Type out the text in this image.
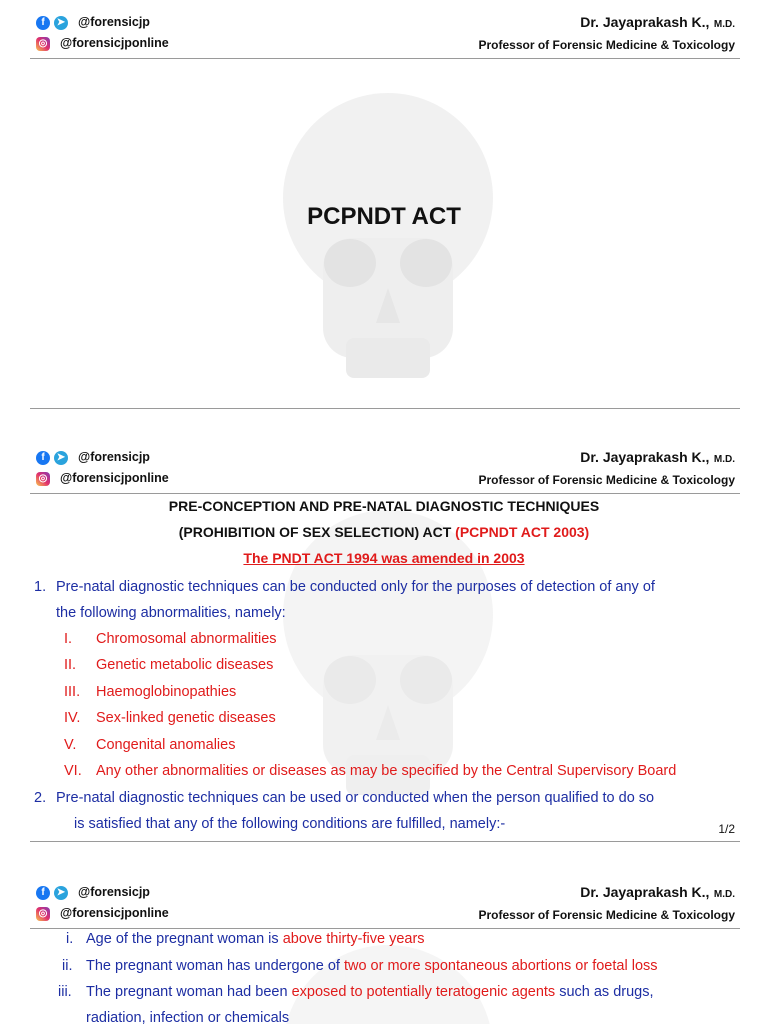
f	➤ @forensicjp
◎ @forensicjponline
Dr. Jayaprakash K., M.D.
Professor of Forensic Medicine & Toxicology
PCPNDT ACT
f	➤ @forensicjp
◎ @forensicjponline
Dr. Jayaprakash K., M.D.
Professor of Forensic Medicine & Toxicology
PRE-CONCEPTION AND PRE-NATAL DIAGNOSTIC TECHNIQUES
(PROHIBITION OF SEX SELECTION) ACT (PCPNDT ACT 2003)
The PNDT ACT 1994 was amended in 2003
1. Pre-natal diagnostic techniques can be conducted only for the purposes of detection of any of
the following abnormalities, namely:
I.	Chromosomal abnormalities
II.	Genetic metabolic diseases
III.	Haemoglobinopathies
IV.	Sex-linked genetic diseases
V.	Congenital anomalies
VI. Any other abnormalities or diseases as may be specified by the Central Supervisory Board
2. Pre-natal diagnostic techniques can be used or conducted when the person qualified to do so
is satisfied that any of the following conditions are fulfilled, namely:-	1/2
f	➤ @forensicjp
◎ @forensicjponline
Dr. Jayaprakash K., M.D.
Professor of Forensic Medicine & Toxicology
i. Age of the pregnant woman is above thirty-five years
ii. The pregnant woman has undergone of two or more spontaneous abortions or foetal loss
iii. The pregnant woman had been exposed to potentially teratogenic agents such as drugs,
radiation, infection or chemicals
